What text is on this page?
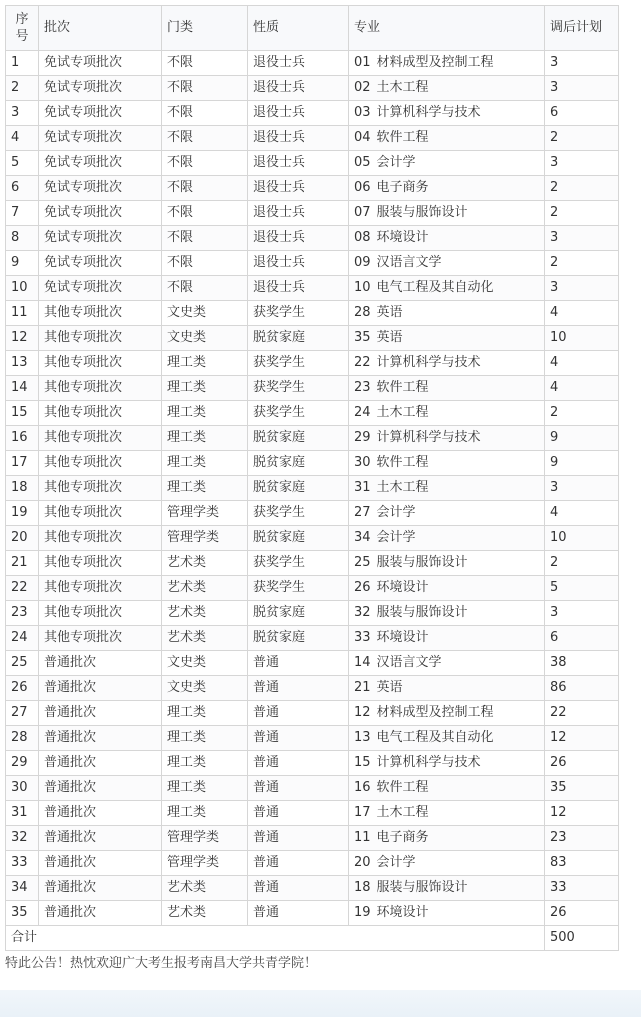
序
号	批次	门类	性质	专业	调后计划
1	免试专项批次	不限	退役士兵	01 材料成型及控制工程	3
2	免试专项批次	不限	退役士兵	02 土木工程	3
3	免试专项批次	不限	退役士兵	03 计算机科学与技术	6
4	免试专项批次	不限	退役士兵	04 软件工程	2
5	免试专项批次	不限	退役士兵	05 会计学	3
6	免试专项批次	不限	退役士兵	06 电子商务	2
7	免试专项批次	不限	退役士兵	07 服装与服饰设计	2
8	免试专项批次	不限	退役士兵	08 环境设计	3
9	免试专项批次	不限	退役士兵	09 汉语言文学	2
10	免试专项批次	不限	退役士兵	10 电气工程及其自动化	3
11	其他专项批次	文史类	获奖学生	28 英语	4
12	其他专项批次	文史类	脱贫家庭	35 英语	10
13	其他专项批次	理工类	获奖学生	22 计算机科学与技术	4
14	其他专项批次	理工类	获奖学生	23 软件工程	4
15	其他专项批次	理工类	获奖学生	24 土木工程	2
16	其他专项批次	理工类	脱贫家庭	29 计算机科学与技术	9
17	其他专项批次	理工类	脱贫家庭	30 软件工程	9
18	其他专项批次	理工类	脱贫家庭	31 土木工程	3
19	其他专项批次	管理学类	获奖学生	27 会计学	4
20	其他专项批次	管理学类	脱贫家庭	34 会计学	10
21	其他专项批次	艺术类	获奖学生	25 服装与服饰设计	2
22	其他专项批次	艺术类	获奖学生	26 环境设计	5
23	其他专项批次	艺术类	脱贫家庭	32 服装与服饰设计	3
24	其他专项批次	艺术类	脱贫家庭	33 环境设计	6
25	普通批次	文史类	普通	14 汉语言文学	38
26	普通批次	文史类	普通	21 英语	86
27	普通批次	理工类	普通	12 材料成型及控制工程	22
28	普通批次	理工类	普通	13 电气工程及其自动化	12
29	普通批次	理工类	普通	15 计算机科学与技术	26
30	普通批次	理工类	普通	16 软件工程	35
31	普通批次	理工类	普通	17 土木工程	12
32	普通批次	管理学类	普通	11 电子商务	23
33	普通批次	管理学类	普通	20 会计学	83
34	普通批次	艺术类	普通	18 服装与服饰设计	33
35	普通批次	艺术类	普通	19 环境设计	26
合计					500
特此公告！热忱欢迎广大考生报考南昌大学共青学院！
